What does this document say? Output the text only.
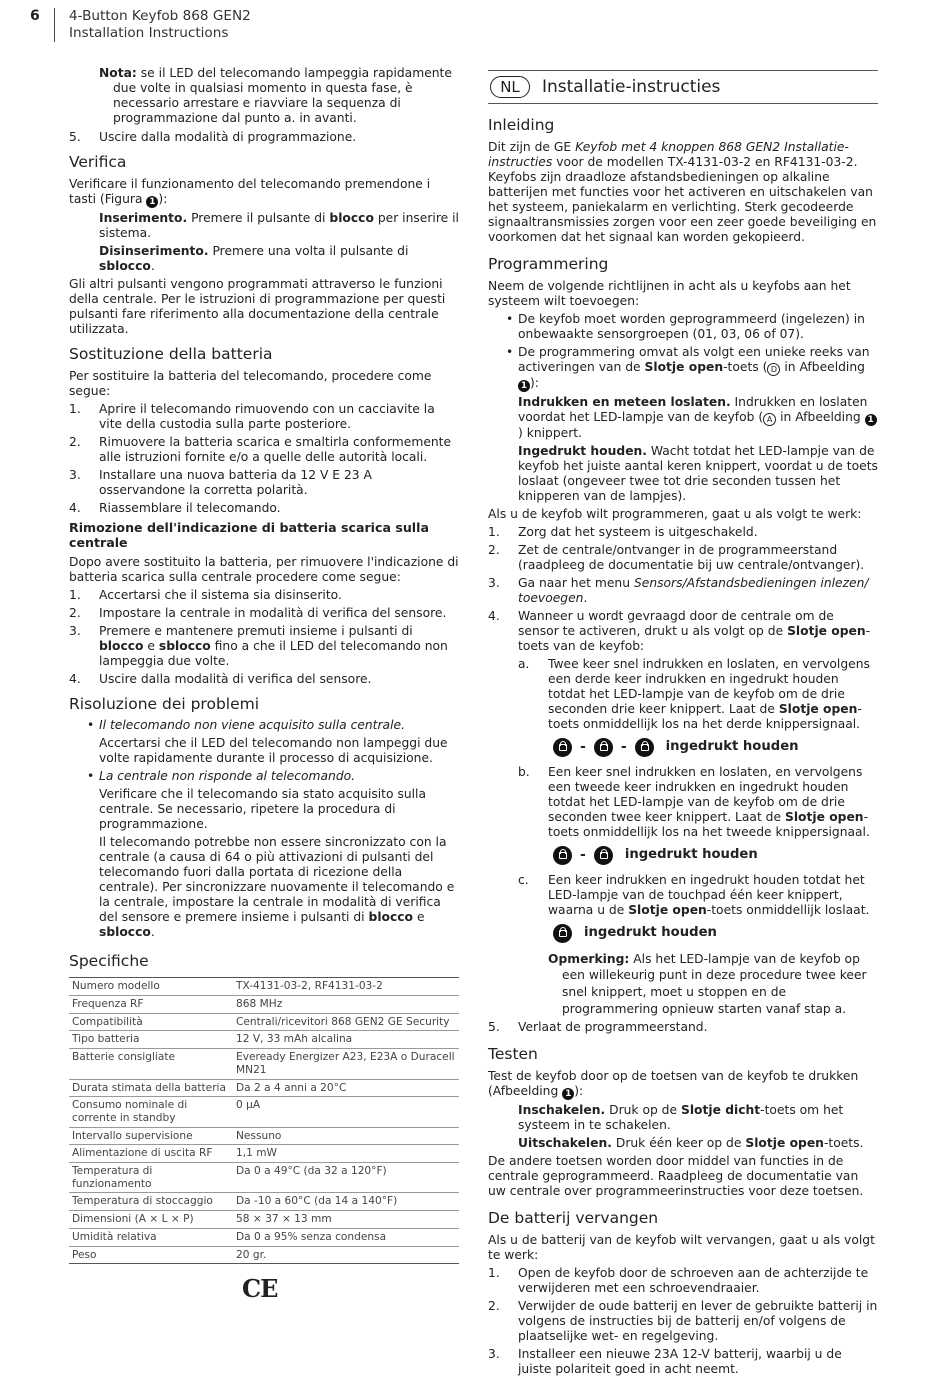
6 4-Button Keyfob 868 GEN2
Installation Instructions
Nota: se il LED del telecomando lampeggia rapidamente due volte in qualsiasi momento in questa fase, è necessario arrestare e riavviare la sequenza di programmazione dal punto a. in avanti.
5. Uscire dalla modalità di programmazione.
Verifica

Verificare il funzionamento del telecomando premendone i tasti (Figura 1 ):

Inserimento. Premere il pulsante di blocco per inserire il sistema.

Disinserimento. Premere una volta il pulsante di sblocco.

Gli altri pulsanti vengono programmati attraverso le funzioni della centrale. Per le istruzioni di programmazione per questi pulsanti fare riferimento alla documentazione della centrale utilizzata.

Sostituzione della batteria

Per sostituire la batteria del telecomando, procedere come segue:

1. Aprire il telecomando rimuovendo con un cacciavite la vite della custodia sulla parte posteriore.
2. Rimuovere la batteria scarica e smaltirla conformemente alle istruzioni fornite e/o a quelle delle autorità locali.
3. Installare una nuova batteria da 12 V E 23 A osservandone la corretta polarità.
4. Riassemblare il telecomando.
Rimozione dell'indicazione di batteria scarica sulla centrale

Dopo avere sostituito la batteria, per rimuovere l'indicazione di batteria scarica sulla centrale procedere come segue:

1. Accertarsi che il sistema sia disinserito.
2. Impostare la centrale in modalità di verifica del sensore.
3. Premere e mantenere premuti insieme i pulsanti di blocco e sblocco fino a che il LED del telecomando non lampeggia due volte.
4. Uscire dalla modalità di verifica del sensore.
Risoluzione dei problemi
• Il telecomando non viene acquisito sulla centrale.

Accertarsi che il LED del telecomando non lampeggi due volte rapidamente durante il processo di acquisizione.

• La centrale non risponde al telecomando.

Verificare che il telecomando sia stato acquisito sulla centrale. Se necessario, ripetere la procedura di programmazione.

Il telecomando potrebbe non essere sincronizzato con la centrale (a causa di 64 o più attivazioni di pulsanti del telecomando fuori dalla portata di ricezione della centrale). Per sincronizzare nuovamente il telecomando e la centrale, impostare la centrale in modalità di verifica del sensore e premere insieme i pulsanti di blocco e sblocco.

Specifiche
Numero modello	TX-4131-03-2, RF4131-03-2
Frequenza RF	868 MHz
Compatibilità	Centrali/ricevitori 868 GEN2 GE Security
Tipo batteria	12 V, 33 mAh alcalina
Batterie consigliate	Eveready Energizer A23, E23A o Duracell MN21
Durata stimata della batteria	Da 2 a 4 anni a 20°C
Consumo nominale di corrente in standby	0 µA
Intervallo supervisione	Nessuno
Alimentazione di uscita RF	1,1 mW
Temperatura di funzionamento	Da 0 a 49°C (da 32 a 120°F)
Temperatura di stoccaggio	Da -10 a 60°C (da 14 a 140°F)
Dimensioni (A × L × P)	58 × 37 × 13 mm
Umidità relativa	Da 0 a 95% senza condensa
Peso	20 gr.
CE
NL	Installatie-instructies
Inleiding

Dit zijn de GE Keyfob met 4 knoppen 868 GEN2 Installatie-instructies voor de modellen TX-4131-03-2 en RF4131-03-2. Keyfobs zijn draadloze afstandsbedieningen op alkaline batterijen met functies voor het activeren en uitschakelen van het systeem, paniekalarm en verlichting. Sterk gecodeerde signaaltransmissies zorgen voor een zeer goede beveiliging en voorkomen dat het signaal kan worden gekopieerd.

Programmering

Neem de volgende richtlijnen in acht als u keyfobs aan het systeem wilt toevoegen:

• De keyfob moet worden geprogrammeerd (ingelezen) in onbewaakte sensorgroepen (01, 03, 06 of 07).
• De programmering omvat als volgt een unieke reeks van activeringen van de Slotje open-toets ( D in Afbeelding 1 ):

Indrukken en meteen loslaten. Indrukken en loslaten voordat het LED-lampje van de keyfob ( A in Afbeelding 1) knippert.

Ingedrukt houden. Wacht totdat het LED-lampje van de keyfob het juiste aantal keren knippert, voordat u de toets loslaat (ongeveer twee tot drie seconden tussen het knipperen van de lampjes).

Als u de keyfob wilt programmeren, gaat u als volgt te werk:

1. Zorg dat het systeem is uitgeschakeld.
2. Zet de centrale/ontvanger in de programmeerstand (raadpleeg de documentatie bij uw centrale/ontvanger).
3. Ga naar het menu Sensors/Afstandsbedieningen inlezen/ toevoegen.
4. Wanneer u wordt gevraagd door de centrale om de sensor te activeren, drukt u als volgt op de Slotje open-toets van de keyfob:
a. Twee keer snel indrukken en loslaten, en vervolgens een derde keer indrukken en ingedrukt houden totdat het LED-lampje van de keyfob om de drie seconden drie keer knippert. Laat de Slotje open-toets onmiddellijk los na het derde knippersignaal.
-	-	ingedrukt houden
b. Een keer snel indrukken en loslaten, en vervolgens een tweede keer indrukken en ingedrukt houden totdat het LED-lampje van de keyfob om de drie seconden twee keer knippert. Laat de Slotje open-toets onmiddellijk los na het tweede knippersignaal.
-	ingedrukt houden
c. Een keer indrukken en ingedrukt houden totdat het LED-lampje van de touchpad één keer knippert, waarna u de Slotje open-toets onmiddellijk loslaat.
ingedrukt houden
Opmerking: Als het LED-lampje van de keyfob op een willekeurig punt in deze procedure twee keer snel knippert, moet u stoppen en de programmering opnieuw starten vanaf stap a.
5. Verlaat de programmeerstand.
Testen

Test de keyfob door op de toetsen van de keyfob te drukken (Afbeelding 1 ):

Inschakelen. Druk op de Slotje dicht-toets om het systeem in te schakelen.

Uitschakelen. Druk één keer op de Slotje open-toets.

De andere toetsen worden door middel van functies in de centrale geprogrammeerd. Raadpleeg de documentatie van uw centrale over programmeerinstructies voor deze toetsen.

De batterij vervangen

Als u de batterij van de keyfob wilt vervangen, gaat u als volgt te werk:

1. Open de keyfob door de schroeven aan de achterzijde te verwijderen met een schroevendraaier.
2. Verwijder de oude batterij en lever de gebruikte batterij in volgens de instructies bij de batterij en/of volgens de plaatselijke wet- en regelgeving.
3. Installeer een nieuwe 23A 12-V batterij, waarbij u de juiste polariteit goed in acht neemt.
